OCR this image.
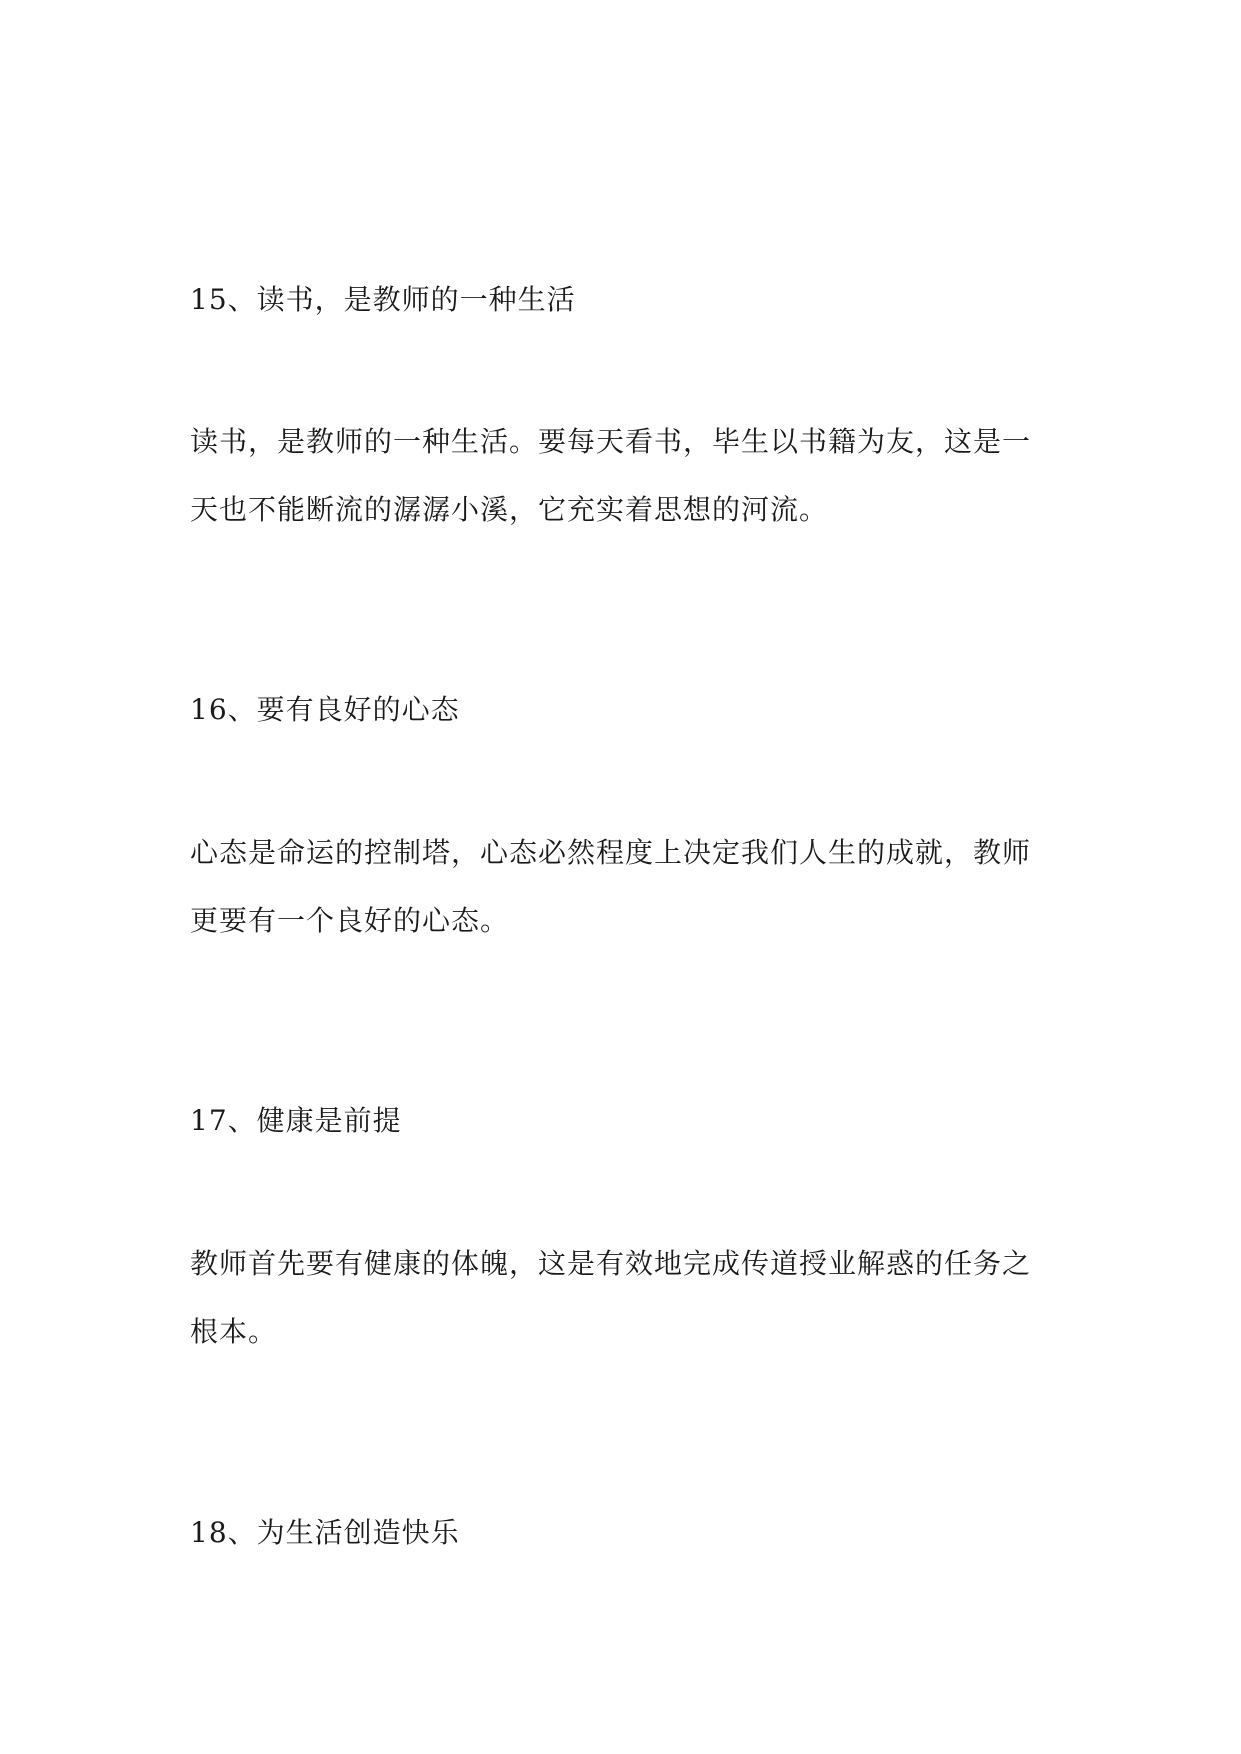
15、读书，是教师的一种生活
读书，是教师的一种生活。要每天看书，毕生以书籍为友，这是一
天也不能断流的潺潺小溪，它充实着思想的河流。
16、要有良好的心态
心态是命运的控制塔，心态必然程度上决定我们人生的成就，教师
更要有一个良好的心态。
17、健康是前提
教师首先要有健康的体魄，这是有效地完成传道授业解惑的任务之
根本。
18、为生活创造快乐
